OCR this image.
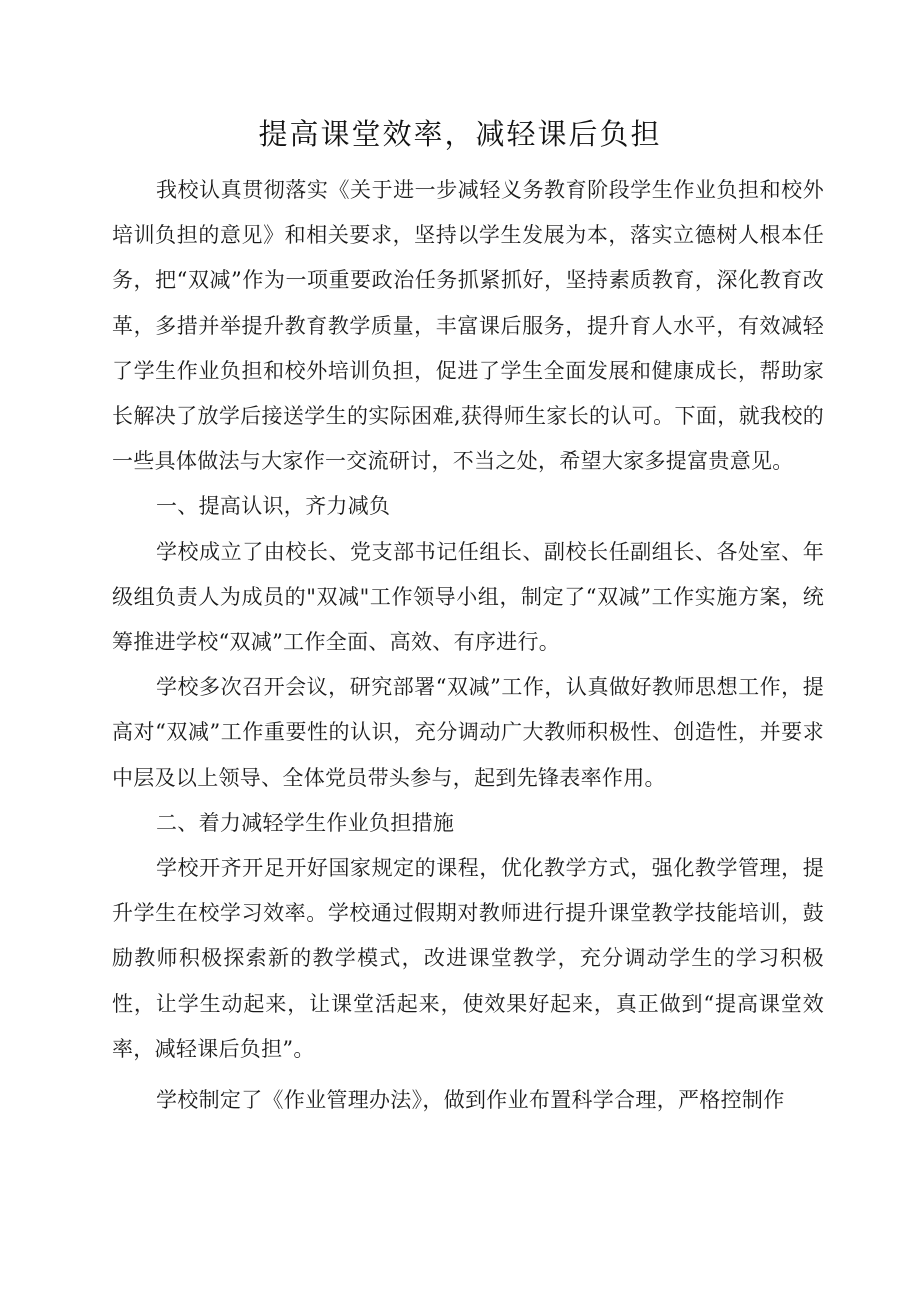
提高课堂效率，减轻课后负担

我校认真贯彻落实《关于进一步减轻义务教育阶段学生作业负担和校外培训负担的意见》和相关要求，坚持以学生发展为本，落实立德树人根本任务，把“双减”作为一项重要政治任务抓紧抓好，坚持素质教育，深化教育改革，多措并举提升教育教学质量，丰富课后服务，提升育人水平，有效减轻了学生作业负担和校外培训负担，促进了学生全面发展和健康成长，帮助家长解决了放学后接送学生的实际困难,获得师生家长的认可。下面，就我校的一些具体做法与大家作一交流研讨，不当之处，希望大家多提富贵意见。

一、提高认识，齐力减负

学校成立了由校长、党支部书记任组长、副校长任副组长、各处室、年级组负责人为成员的"双减"工作领导小组，制定了“双减”工作实施方案，统筹推进学校“双减”工作全面、高效、有序进行。

学校多次召开会议，研究部署“双减”工作，认真做好教师思想工作，提高对“双减”工作重要性的认识，充分调动广大教师积极性、创造性，并要求中层及以上领导、全体党员带头参与，起到先锋表率作用。

二、着力减轻学生作业负担措施

学校开齐开足开好国家规定的课程，优化教学方式，强化教学管理，提升学生在校学习效率。学校通过假期对教师进行提升课堂教学技能培训，鼓励教师积极探索新的教学模式，改进课堂教学，充分调动学生的学习积极性，让学生动起来，让课堂活起来，使效果好起来，真正做到“提高课堂效率，减轻课后负担”。

学校制定了《作业管理办法》，做到作业布置科学合理，严格控制作
